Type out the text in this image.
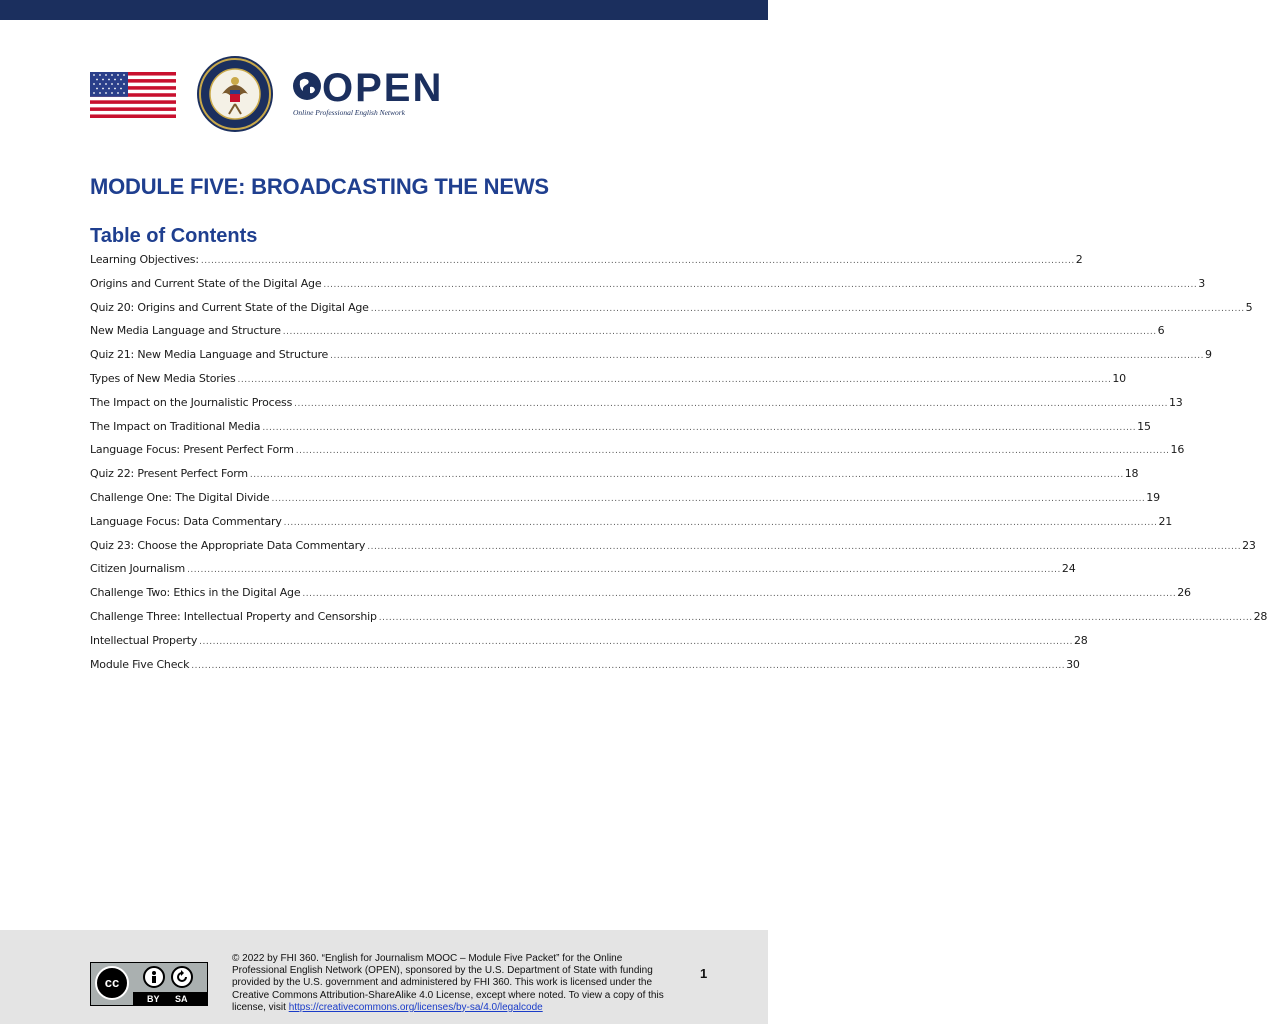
OPEN
Online Professional English Network
MODULE FIVE: BROADCASTING THE NEWS
Table of Contents
Learning Objectives: .................................................................................................................................................................................................................................................................... 2
Origins and Current State of the Digital Age .................................................................................................................................................................................................................................................................... 3
Quiz 20: Origins and Current State of the Digital Age .................................................................................................................................................................................................................................................................... 5
New Media Language and Structure .................................................................................................................................................................................................................................................................... 6
Quiz 21: New Media Language and Structure .................................................................................................................................................................................................................................................................... 9
Types of New Media Stories .................................................................................................................................................................................................................................................................... 10
The Impact on the Journalistic Process .................................................................................................................................................................................................................................................................... 13
The Impact on Traditional Media .................................................................................................................................................................................................................................................................... 15
Language Focus: Present Perfect Form .................................................................................................................................................................................................................................................................... 16
Quiz 22: Present Perfect Form .................................................................................................................................................................................................................................................................... 18
Challenge One: The Digital Divide .................................................................................................................................................................................................................................................................... 19
Language Focus: Data Commentary .................................................................................................................................................................................................................................................................... 21
Quiz 23: Choose the Appropriate Data Commentary .................................................................................................................................................................................................................................................................... 23
Citizen Journalism .................................................................................................................................................................................................................................................................... 24
Challenge Two: Ethics in the Digital Age .................................................................................................................................................................................................................................................................... 26
Challenge Three: Intellectual Property and Censorship .................................................................................................................................................................................................................................................................... 28
Intellectual Property .................................................................................................................................................................................................................................................................... 28
Module Five Check .................................................................................................................................................................................................................................................................... 30
cc
BY SA
© 2022 by FHI 360. “English for Journalism MOOC – Module Five Packet” for the Online Professional English Network (OPEN), sponsored by the U.S. Department of State with funding provided by the U.S. government and administered by FHI 360. This work is licensed under the Creative Commons Attribution-ShareAlike 4.0 License, except where noted. To view a copy of this license, visit https://creativecommons.org/licenses/by-sa/4.0/legalcode
1
